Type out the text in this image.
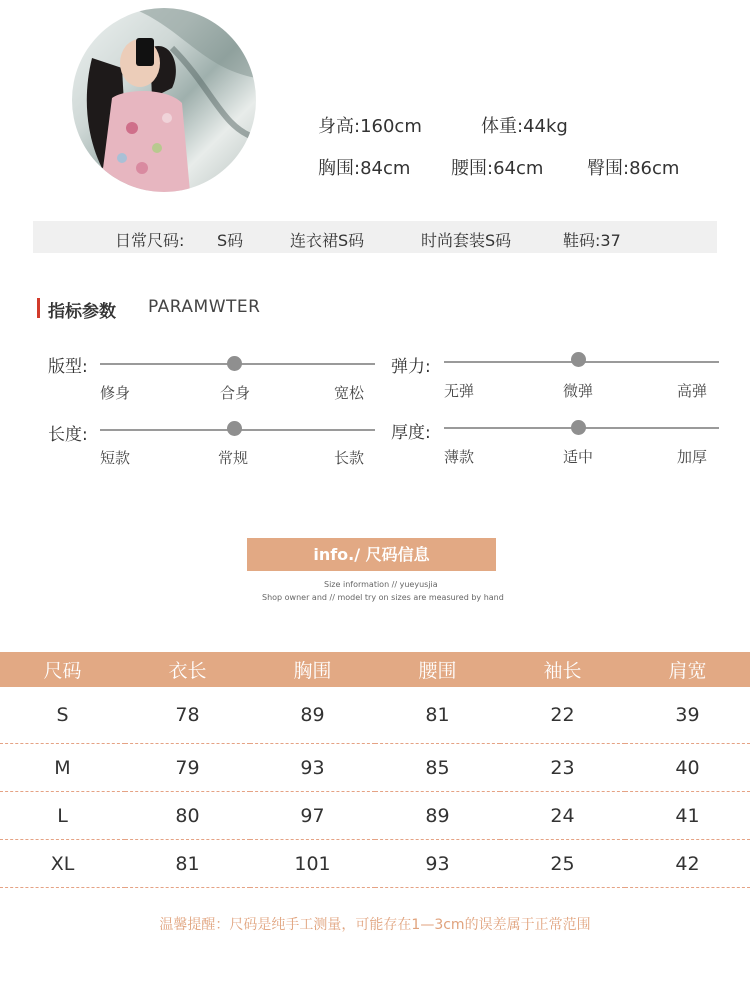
身高:160cm	体重:44kg
胸围:84cm 腰围:64cm 臀围:86cm
日常尺码: S码	连衣裙S码	时尚套装S码	鞋码:37
指标参数 PARAMWTER
版型:
修身	合身	宽松
弹力:
无弹	微弹	高弹
长度:
短款	常规	长款
厚度:
薄款	适中	加厚
info./ 尺码信息
Size information // yueyusjia
Shop owner and // model try on sizes are measured by hand
尺码	衣长	胸围	腰围	袖长	肩宽
S	78	89	81	22	39
M	79	93	85	23	40
L	80	97	89	24	41
XL	81	101	93	25	42
温馨提醒：尺码是纯手工测量，可能存在1—3cm的误差属于正常范围
